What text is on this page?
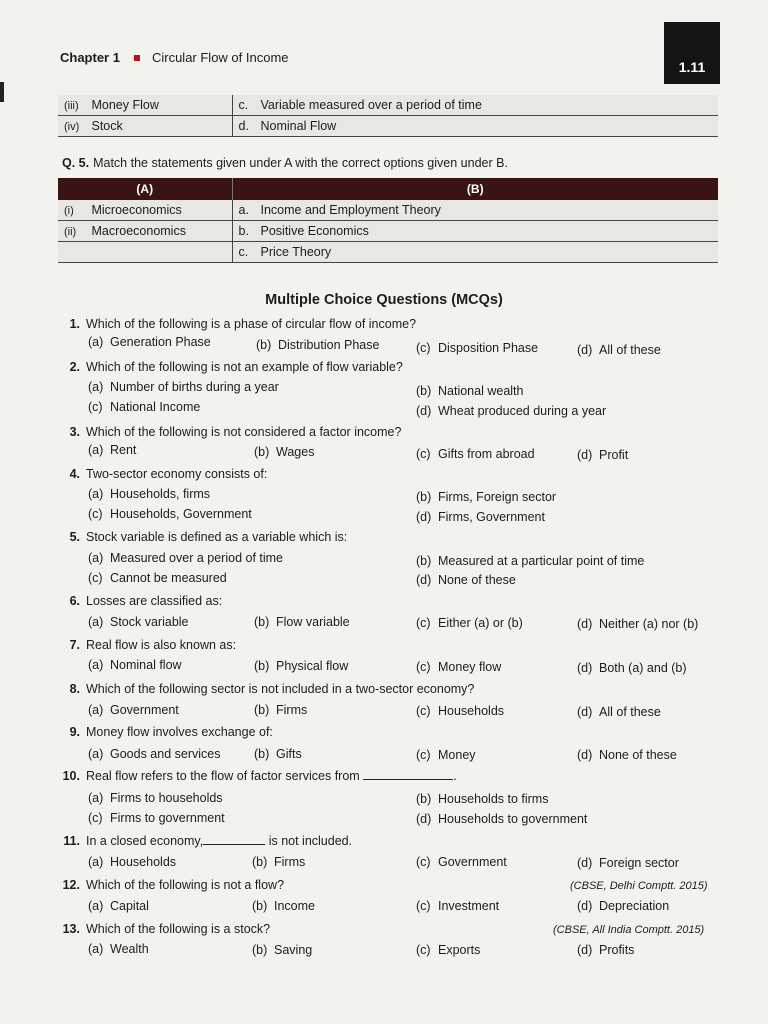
Chapter 1 Circular Flow of Income
1.11
(iii) Money Flow	c. Variable measured over a period of time
(iv) Stock	d. Nominal Flow
Q. 5. Match the statements given under A with the correct options given under B.
(A)	(B)
(i) Microeconomics	a. Income and Employment Theory
(ii) Macroeconomics	b. Positive Economics
	c. Price Theory
Multiple Choice Questions (MCQs)
1. Which of the following is a phase of circular flow of income?
(a) Generation Phase	(b) Distribution Phase	(c) Disposition Phase	(d) All of these
2. Which of the following is not an example of flow variable?
(a) Number of births during a year	(b) National wealth
(c) National Income	(d) Wheat produced during a year
3. Which of the following is not considered a factor income?
(a) Rent	(b) Wages	(c) Gifts from abroad	(d) Profit
4. Two-sector economy consists of:
(a) Households, firms	(b) Firms, Foreign sector
(c) Households, Government	(d) Firms, Government
5. Stock variable is defined as a variable which is:
(a) Measured over a period of time	(b) Measured at a particular point of time
(c) Cannot be measured	(d) None of these
6. Losses are classified as:
(a) Stock variable	(b) Flow variable	(c) Either (a) or (b)	(d) Neither (a) nor (b)
7. Real flow is also known as:
(a) Nominal flow	(b) Physical flow	(c) Money flow	(d) Both (a) and (b)
8. Which of the following sector is not included in a two-sector economy?
(a) Government	(b) Firms	(c) Households	(d) All of these
9. Money flow involves exchange of:
(a) Goods and services	(b) Gifts	(c) Money	(d) None of these
10. Real flow refers to the flow of factor services from	.
(a) Firms to households	(b) Households to firms
(c) Firms to government	(d) Households to government
11. In a closed economy,	is not included.
(a) Households	(b) Firms	(c) Government	(d) Foreign sector
12. Which of the following is not a flow?	(CBSE, Delhi Comptt. 2015)
(a) Capital	(b) Income	(c) Investment	(d) Depreciation
13. Which of the following is a stock?	(CBSE, All India Comptt. 2015)
(a) Wealth	(b) Saving	(c) Exports	(d) Profits
